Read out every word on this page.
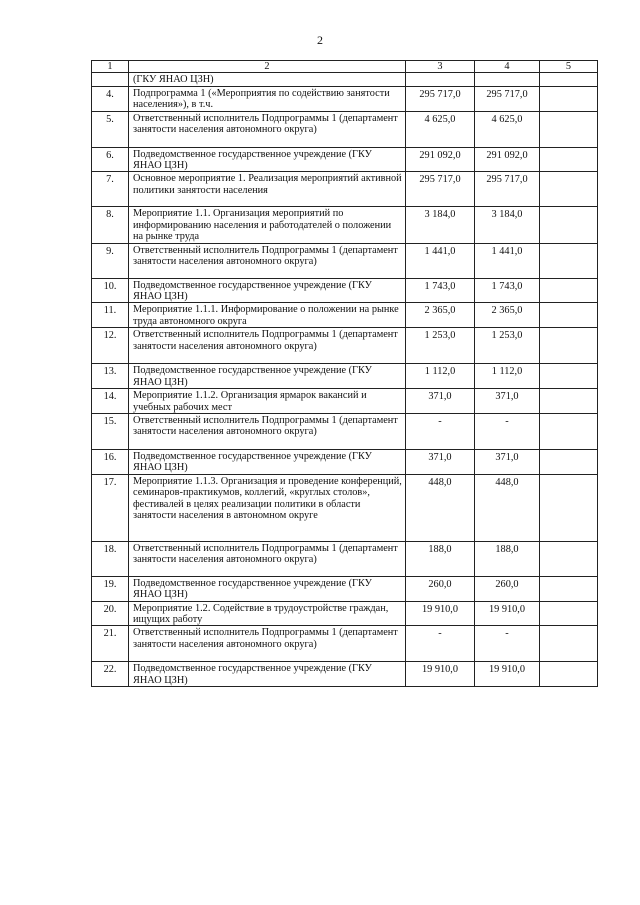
2
1	2	3	4	5
	(ГКУ ЯНАО ЦЗН)			
4.	Подпрограмма 1 («Мероприятия по содействию занятости населения»), в т.ч.	295 717,0	295 717,0	
5.	Ответственный исполнитель Подпрограммы 1 (департамент занятости населения автономного округа)	4 625,0	4 625,0	
6.	Подведомственное государственное учреждение (ГКУ ЯНАО ЦЗН)	291 092,0	291 092,0	
7.	Основное мероприятие 1. Реализация мероприятий активной политики занятости населения	295 717,0	295 717,0	
8.	Мероприятие 1.1. Организация мероприятий по информированию населения и работодателей о положении на рынке труда	3 184,0	3 184,0	
9.	Ответственный исполнитель Подпрограммы 1 (департамент занятости населения автономного округа)	1 441,0	1 441,0	
10.	Подведомственное государственное учреждение (ГКУ ЯНАО ЦЗН)	1 743,0	1 743,0	
11.	Мероприятие 1.1.1. Информирование о положении на рынке труда автономного округа	2 365,0	2 365,0	
12.	Ответственный исполнитель Подпрограммы 1 (департамент занятости населения автономного округа)	1 253,0	1 253,0	
13.	Подведомственное государственное учреждение (ГКУ ЯНАО ЦЗН)	1 112,0	1 112,0	
14.	Мероприятие 1.1.2. Организация ярмарок вакансий и учебных рабочих мест	371,0	371,0	
15.	Ответственный исполнитель Подпрограммы 1 (департамент занятости населения автономного округа)	-	-	
16.	Подведомственное государственное учреждение (ГКУ ЯНАО ЦЗН)	371,0	371,0	
17.	Мероприятие 1.1.3. Организация и проведение конференций, семинаров-практикумов, коллегий, «круглых столов», фестивалей в целях реализации политики в области занятости населения в автономном округе	448,0	448,0	
18.	Ответственный исполнитель Подпрограммы 1 (департамент занятости населения автономного округа)	188,0	188,0	
19.	Подведомственное государственное учреждение (ГКУ ЯНАО ЦЗН)	260,0	260,0	
20.	Мероприятие 1.2. Содействие в трудоустройстве граждан, ищущих работу	19 910,0	19 910,0	
21.	Ответственный исполнитель Подпрограммы 1 (департамент занятости населения автономного округа)	-	-	
22.	Подведомственное государственное учреждение (ГКУ ЯНАО ЦЗН)	19 910,0	19 910,0	
